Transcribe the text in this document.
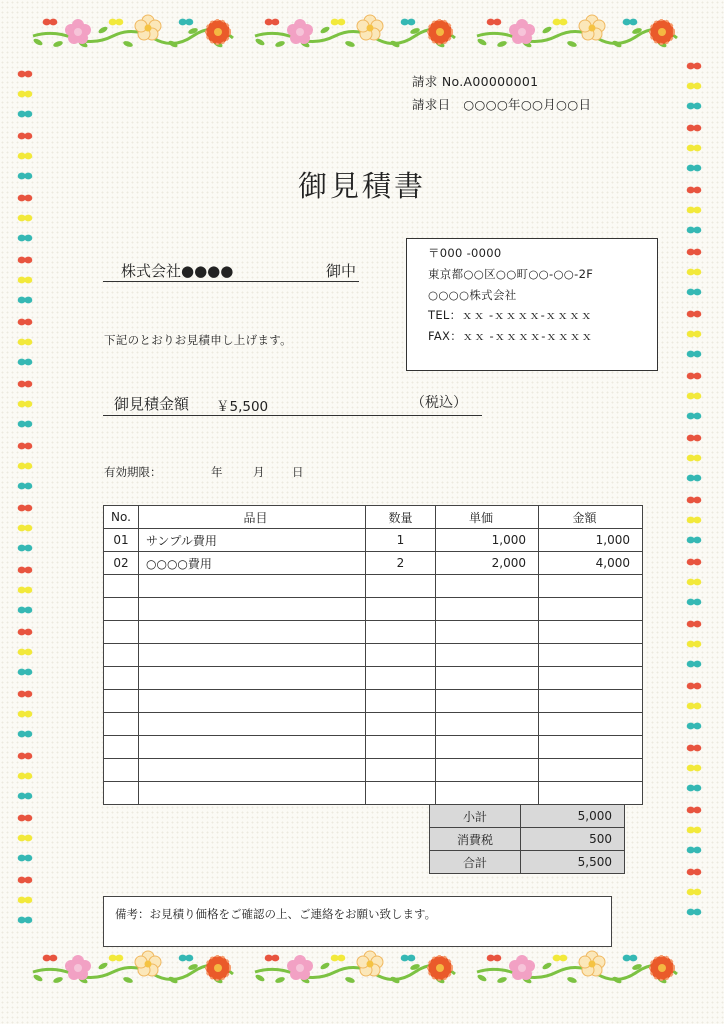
請求 No.A00000001
請求日　○○○○年○○月○○日
御見積書
株式会社●●●●	御中
下記のとおりお見積申し上げます。
御見積金額 ￥5,500	（税込）
有効期限：	年	月 日
〒000 -0000
東京都○○区○○町○○-○○-2F
○○○○株式会社
TEL：ｘｘ -ｘｘｘｘ-ｘｘｘｘ
FAX：ｘｘ -ｘｘｘｘ-ｘｘｘｘ
No.	品目	数量	単価	金額
01	サンプル費用	1	1,000	1,000
02	○○○○費用	2	2,000	4,000

小計	5,000
消費税	500
合計	5,500
備考：お見積り価格をご確認の上、ご連絡をお願い致します。
